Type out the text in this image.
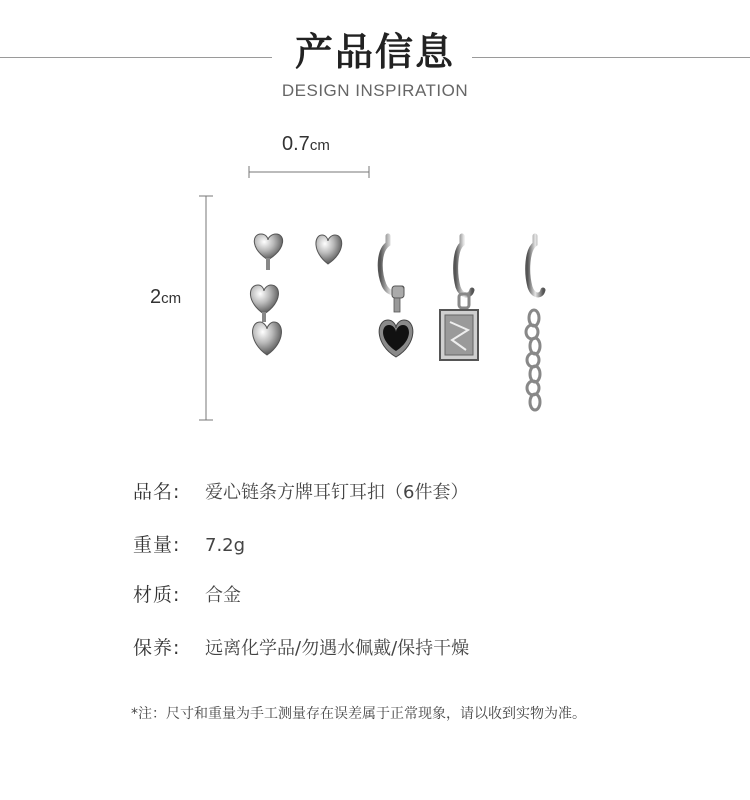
产品信息
DESIGN INSPIRATION
0.7cm
2cm
品名:	爱心链条方牌耳钉耳扣（6件套）
重量:	7.2g
材质:	合金
保养:	远离化学品/勿遇水佩戴/保持干燥
*注：尺寸和重量为手工测量存在误差属于正常现象，请以收到实物为准。
